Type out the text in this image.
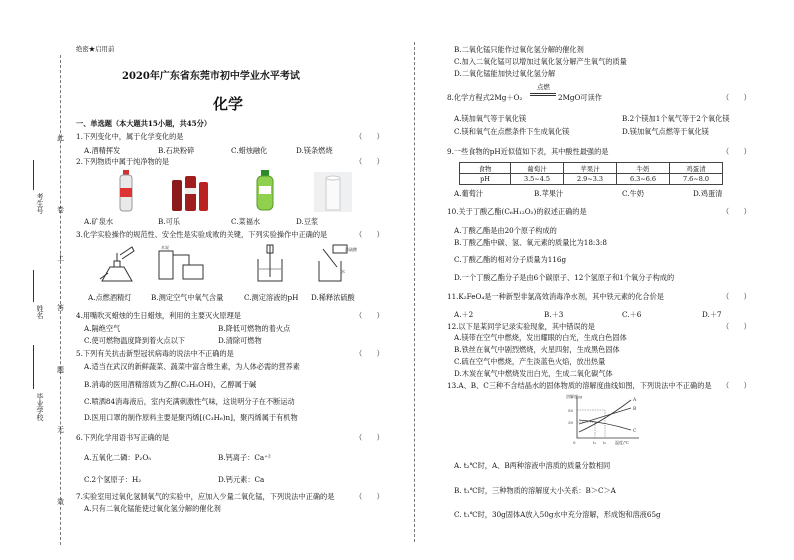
此
卷
上
答
题
无
效
考生号
姓名
毕业学校
绝密★启用前
2020年广东省东莞市初中学业水平考试
化学
一、单选题（本大题共15小题，共45分）
1.下列变化中，属于化学变化的是	（　　）
A.酒精挥发	B.石块粉碎	C.蜡烛融化	D.镁条燃烧
2.下列物质中属于纯净物的是	（　　）
A.矿泉水	B.可乐	C.菜福水	D.豆浆
3.化学实验操作的规范性、安全性是实验成败的关键，下列实验操作中正确的是	（　　）
木炭	浓硫酸
水
A.点燃酒精灯	B.测定空气中氧气含量	C.测定溶液的pH D.稀释浓硫酸
4.用嘴吹灭蜡烛的生日蜡烛，利用的主要灭火原理是	（　　）
A.隔绝空气	B.降低可燃物的着火点
C.使可燃物温度降到着火点以下	D.清除可燃物
5.下列有关抗击新型冠状病毒的说法中不正确的是	（　　）
A.适当在武汉的新鲜蔬菜、蔬菜中富含维生素，为人体必需的营养素
B.消毒的医用酒精溶质为乙醇(C₂H₅OH)，乙醇属于碱
C.喷洒84消毒液后，室内充满刺激性气味，这说明分子在不断运动
D.医用口罩的制作原料主要是聚丙烯[(C₃H₆)n]，聚丙烯属于有机物
6.下列化学用语书写正确的是	（　　）
A.五氧化二磷：P₂O₅	B.钙离子：Ca⁺²
C.2个氢原子：H₂	D.钙元素：Ca
7.实验室用过氧化氢制氧气的实验中，应加入少量二氧化锰，下列说法中正确的是	（　　）
A.只有二氧化锰能使过氧化氢分解的催化剂
B.二氧化锰只能作过氧化氢分解的催化剂
C.加入二氧化锰可以增加过氧化氢分解产生氧气的质量
D.二氧化锰能加快过氧化氢分解
8.化学方程式2Mg＋O₂
点燃
2MgO可读作	（　　）
A.镁加氧气等于氧化镁	B.2个镁加1个氧气等于2个氧化镁
C.镁和氧气在点燃条件下生成氧化镁	D.镁加氧气点燃等于氧化镁
9.一些食物的pH近似值如下表，其中酸性最强的是	（　　）
食物	葡萄汁	苹果汁	牛奶	鸡蛋清
pH	3.5~4.5	2.9~3.3	6.3~6.6	7.6~8.0
A.葡萄汁	B.苹果汁	C.牛奶	D.鸡蛋清
10.关于丁酸乙酯(C₆H₁₂O₂)的叙述正确的是	（　　）
A.丁酸乙酯是由20个原子构成的
B.丁酸乙酯中碳、氢、氧元素的质量比为18:3:8
C.丁酸乙酯的相对分子质量为116g
D.一个丁酸乙酯分子是由6个碳原子、12个氢原子和1个氧分子构成的
11.K₂FeO₄是一种新型非氯高效消毒净水剂，其中铁元素的化合价是	（　　）
A.＋2	B.＋3	C.＋6	D.＋7
12.以下是某同学记录实验现象，其中错误的是	（　　）
A.镁带在空气中燃烧，发出耀眼的白光，生成白色固体
B.铁丝在氧气中剧烈燃烧，火星四射，生成黑色固体
C.硫在空气中燃烧，产生淡蓝色火焰，放出热量
D.木炭在氧气中燃烧发出白光，生成二氧化碳气体
13.A、B、C三种不含结晶水的固体物质的溶解度曲线如图，下列说法中不正确的是 （　　）
溶解度/g
50
30
0	t₁ t₂ 温度/℃
A
B
C
A. t₂℃时，A、B两种溶液中溶质的质量分数相同
B. t₁℃时，三种物质的溶解度大小关系：B＞C＞A
C. t₁℃时，30g固体A放入50g水中充分溶解，形成饱和溶液65g
